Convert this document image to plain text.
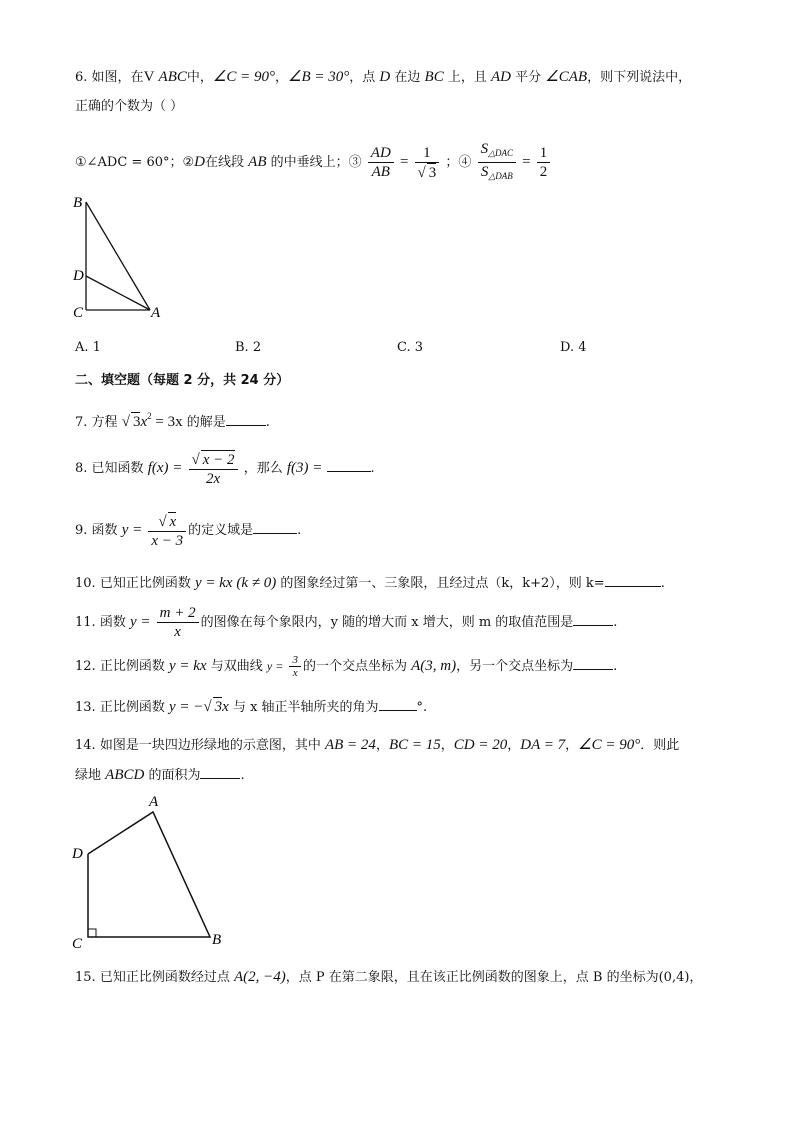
6. 如图，在V ABC中，∠C = 90°，∠B = 30°，点 D 在边 BC 上，且 AD 平分 ∠CAB，则下列说法中，
正确的个数为（ ）
①∠ADC = 60°；②D在线段 AB 的中垂线上；③ $\frac{AD}{AB} = \frac{1}{√ 3}$ ；④ $\frac{S_{\triangle DAC}}{S_{\triangle DAB}} = \frac{1}{2}$
B
D
C	A
A. 1	B. 2	C. 3	D. 4
二、填空题（每题 2 分，共 24 分）
7. 方程 √ $3x^2 = 3x$ 的解是	.
8. 已知函数 $f(x) = \frac{√ x - 2}{2x}$ ，那么 f(3) =	.
9. 函数 $y = \frac{√ x}{x - 3}$ 的定义域是	.
10. 已知正比例函数 y = kx (k ≠ 0) 的图象经过第一、三象限，且经过点（k，k+2），则 k=	.
11. 函数 $y = \frac{m + 2}{x}$ 的图像在每个象限内，y 随的增大而 x 增大，则 m 的取值范围是	.
12. 正比例函数 y = kx 与双曲线 $y = \frac{3}{x}$ 的一个交点坐标为 A(3, m)，另一个交点坐标为	.
13. 正比例函数 y = −√ 3x 与 x 轴正半轴所夹的角为	°.
14. 如图是一块四边形绿地的示意图，其中 AB = 24，BC = 15，CD = 20，DA = 7，∠C = 90°．则此
绿地 ABCD 的面积为	.
A
D
C	B
15. 已知正比例函数经过点 A(2, −4)，点 P 在第二象限，且在该正比例函数的图象上，点 B 的坐标为(0,4)，
